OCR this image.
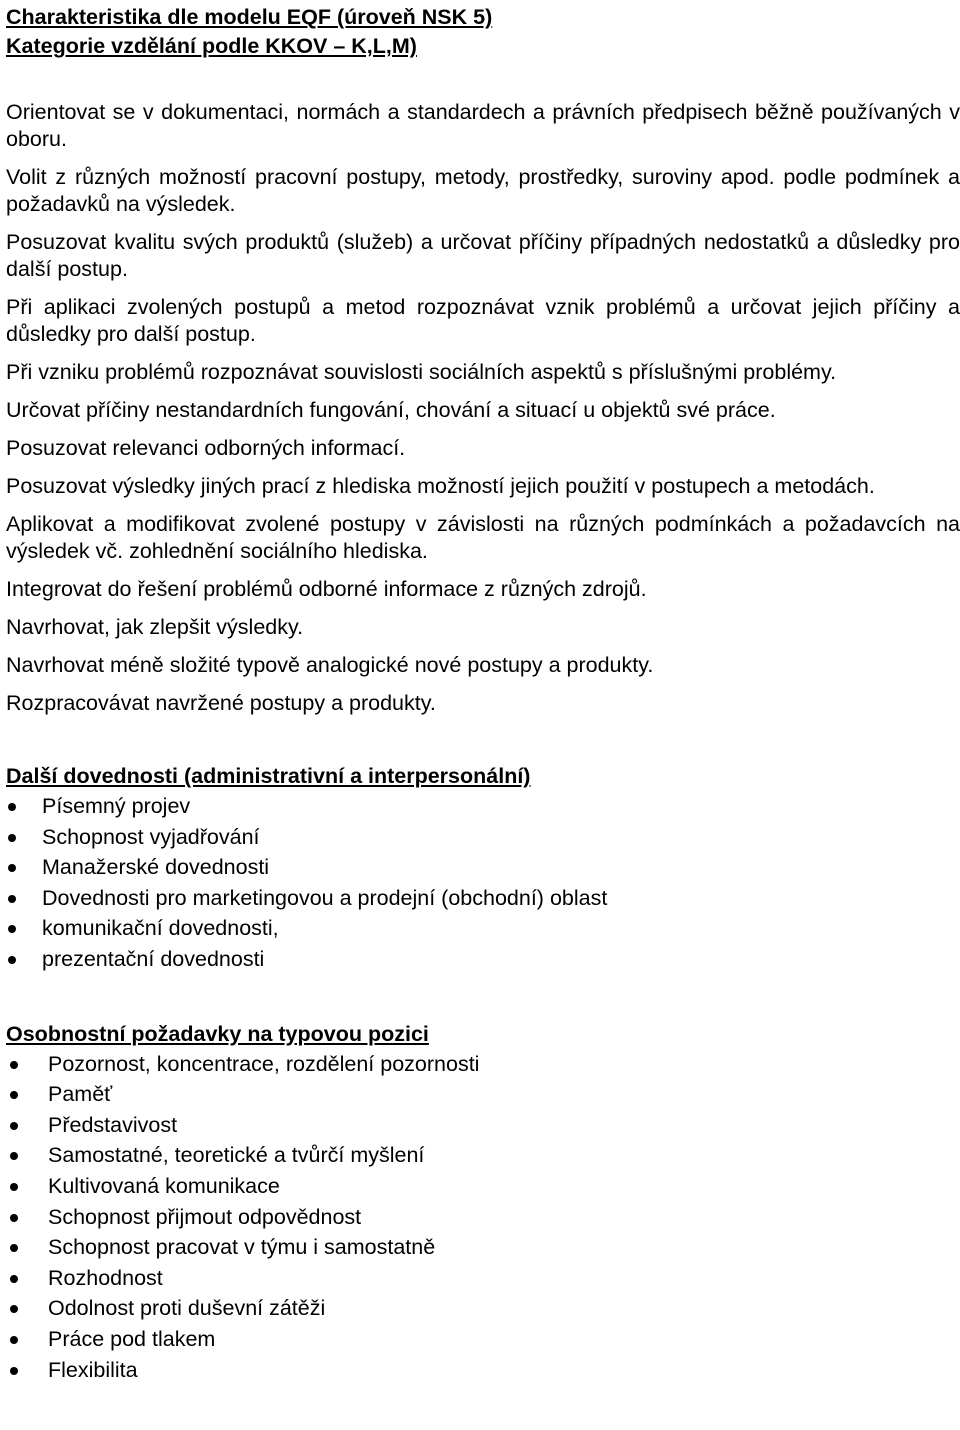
Charakteristika dle modelu EQF (úroveň NSK 5)

Kategorie vzdělání podle KKOV – K,L,M)

Orientovat se v dokumentaci, normách a standardech a právních předpisech běžně používaných v oboru.

Volit z různých možností pracovní postupy, metody, prostředky, suroviny apod. podle podmínek a požadavků na výsledek.

Posuzovat kvalitu svých produktů (služeb) a určovat příčiny případných nedostatků a důsledky pro další postup.

Při aplikaci zvolených postupů a metod rozpoznávat vznik problémů a určovat jejich příčiny a důsledky pro další postup.

Při vzniku problémů rozpoznávat souvislosti sociálních aspektů s příslušnými problémy.

Určovat příčiny nestandardních fungování, chování a situací u objektů své práce.

Posuzovat relevanci odborných informací.

Posuzovat výsledky jiných prací z hlediska možností jejich použití v postupech a metodách.

Aplikovat a modifikovat zvolené postupy v závislosti na různých podmínkách a požadavcích na výsledek vč. zohlednění sociálního hlediska.

Integrovat do řešení problémů odborné informace z různých zdrojů.

Navrhovat, jak zlepšit výsledky.

Navrhovat méně složité typově analogické nové postupy a produkty.

Rozpracovávat navržené postupy a produkty.

Další dovednosti (administrativní a interpersonální)

Písemný projev
Schopnost vyjadřování
Manažerské dovednosti
Dovednosti pro marketingovou a prodejní (obchodní) oblast
komunikační dovednosti,
prezentační dovednosti

Osobnostní požadavky na typovou pozici

Pozornost, koncentrace, rozdělení pozornosti
Paměť
Představivost
Samostatné, teoretické a tvůrčí myšlení
Kultivovaná komunikace
Schopnost přijmout odpovědnost
Schopnost pracovat v týmu i samostatně
Rozhodnost
Odolnost proti duševní zátěži
Práce pod tlakem
Flexibilita
